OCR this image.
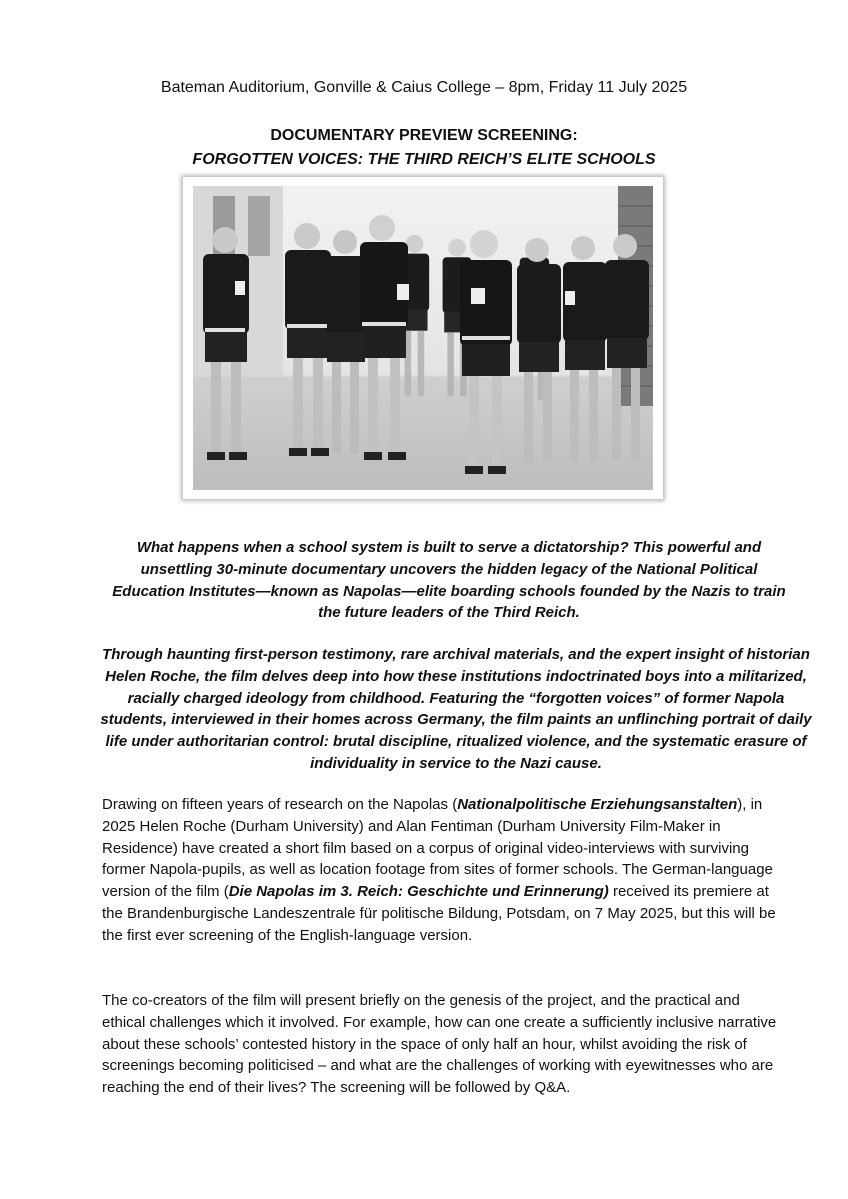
Bateman Auditorium, Gonville & Caius College – 8pm, Friday 11 July 2025
DOCUMENTARY PREVIEW SCREENING:
FORGOTTEN VOICES: THE THIRD REICH’S ELITE SCHOOLS
What happens when a school system is built to serve a dictatorship? This powerful and unsettling 30-minute documentary uncovers the hidden legacy of the National Political Education Institutes—known as Napolas—elite boarding schools founded by the Nazis to train the future leaders of the Third Reich.
Through haunting first-person testimony, rare archival materials, and the expert insight of historian Helen Roche, the film delves deep into how these institutions indoctrinated boys into a militarized, racially charged ideology from childhood. Featuring the “forgotten voices” of former Napola students, interviewed in their homes across Germany, the film paints an unflinching portrait of daily life under authoritarian control: brutal discipline, ritualized violence, and the systematic erasure of individuality in service to the Nazi cause.
Drawing on fifteen years of research on the Napolas (Nationalpolitische Erziehungsanstalten), in 2025 Helen Roche (Durham University) and Alan Fentiman (Durham University Film-Maker in Residence) have created a short film based on a corpus of original video-interviews with surviving former Napola-pupils, as well as location footage from sites of former schools. The German-language version of the film (Die Napolas im 3. Reich: Geschichte und Erinnerung) received its premiere at the Brandenburgische Landeszentrale für politische Bildung, Potsdam, on 7 May 2025, but this will be the first ever screening of the English-language version.
The co-creators of the film will present briefly on the genesis of the project, and the practical and ethical challenges which it involved. For example, how can one create a sufficiently inclusive narrative about these schools’ contested history in the space of only half an hour, whilst avoiding the risk of screenings becoming politicised – and what are the challenges of working with eyewitnesses who are reaching the end of their lives? The screening will be followed by Q&A.
